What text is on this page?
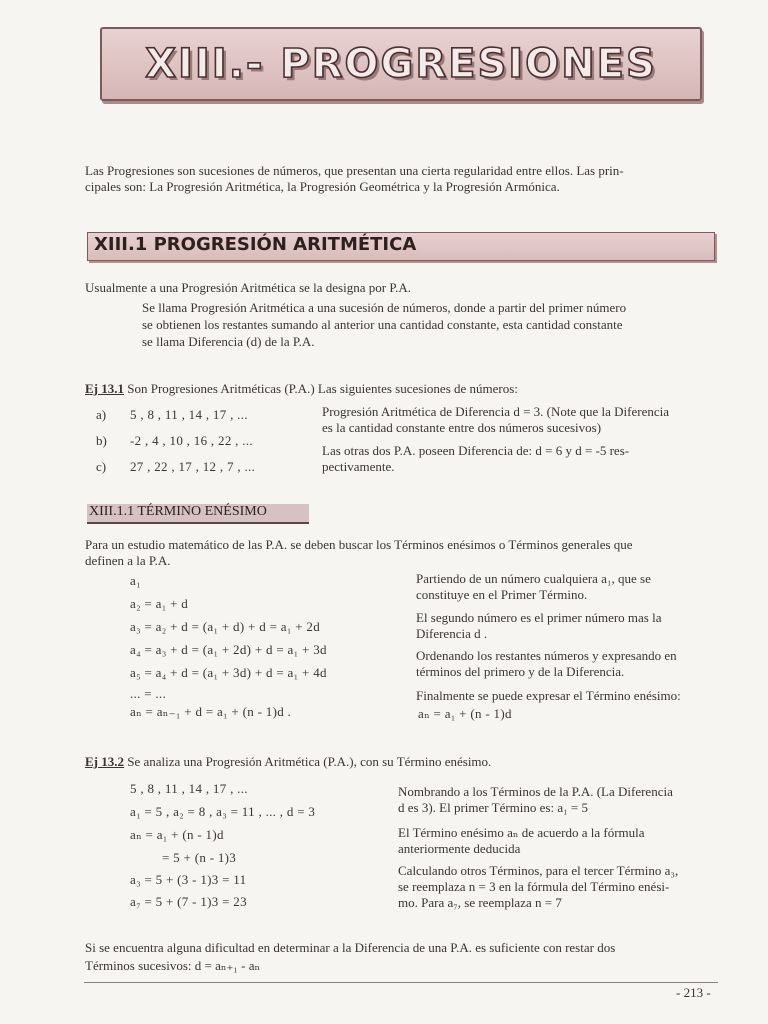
XIII.- PROGRESIONES
Las Progresiones son sucesiones de números, que presentan una cierta regularidad entre ellos. Las prin-
cipales son: La Progresión Aritmética, la Progresión Geométrica y la Progresión Armónica.
XIII.1 PROGRESIÓN ARITMÉTICA
Usualmente a una Progresión Aritmética se la designa por P.A.
Se llama Progresión Aritmética a una sucesión de números, donde a partir del primer número
se obtienen los restantes sumando al anterior una cantidad constante, esta cantidad constante
se llama Diferencia (d) de la P.A.
Ej 13.1 Son Progresiones Aritméticas (P.A.) Las siguientes sucesiones de números:
a) 5 , 8 , 11 , 14 , 17 , ...
b) -2 , 4 , 10 , 16 , 22 , ...
c) 27 , 22 , 17 , 12 , 7 , ...
Progresión Aritmética de Diferencia d = 3. (Note que la Diferencia
es la cantidad constante entre dos números sucesivos)
Las otras dos P.A. poseen Diferencia de: d = 6 y d = -5 res-
pectivamente.
XIII.1.1 TÉRMINO ENÉSIMO
Para un estudio matemático de las P.A. se deben buscar los Términos enésimos o Términos generales que
definen a la P.A.
a₁
a₂ = a₁ + d
a₃ = a₂ + d = (a₁ + d) + d = a₁ + 2d
a₄ = a₃ + d = (a₁ + 2d) + d = a₁ + 3d
a₅ = a₄ + d = (a₁ + 3d) + d = a₁ + 4d
... = ...
aₙ = aₙ₋₁ + d = a₁ + (n - 1)d .
Partiendo de un número cualquiera a₁, que se
constituye en el Primer Término.
El segundo número es el primer número mas la
Diferencia d .
Ordenando los restantes números y expresando en
términos del primero y de la Diferencia.
Finalmente se puede expresar el Término enésimo:
aₙ = a₁ + (n - 1)d
Ej 13.2 Se analiza una Progresión Aritmética (P.A.), con su Término enésimo.
5 , 8 , 11 , 14 , 17 , ...
a₁ = 5 , a₂ = 8 , a₃ = 11 , ... , d = 3
aₙ = a₁ + (n - 1)d
= 5 + (n - 1)3
a₃ = 5 + (3 - 1)3 = 11
a₇ = 5 + (7 - 1)3 = 23
Nombrando a los Términos de la P.A. (La Diferencia
d es 3). El primer Término es: a₁ = 5
El Término enésimo aₙ de acuerdo a la fórmula
anteriormente deducida
Calculando otros Términos, para el tercer Término a₃,
se reemplaza n = 3 en la fórmula del Término enési-
mo. Para a₇, se reemplaza n = 7
Si se encuentra alguna dificultad en determinar a la Diferencia de una P.A. es suficiente con restar dos
Términos sucesivos: d = aₙ₊₁ - aₙ
- 213 -
